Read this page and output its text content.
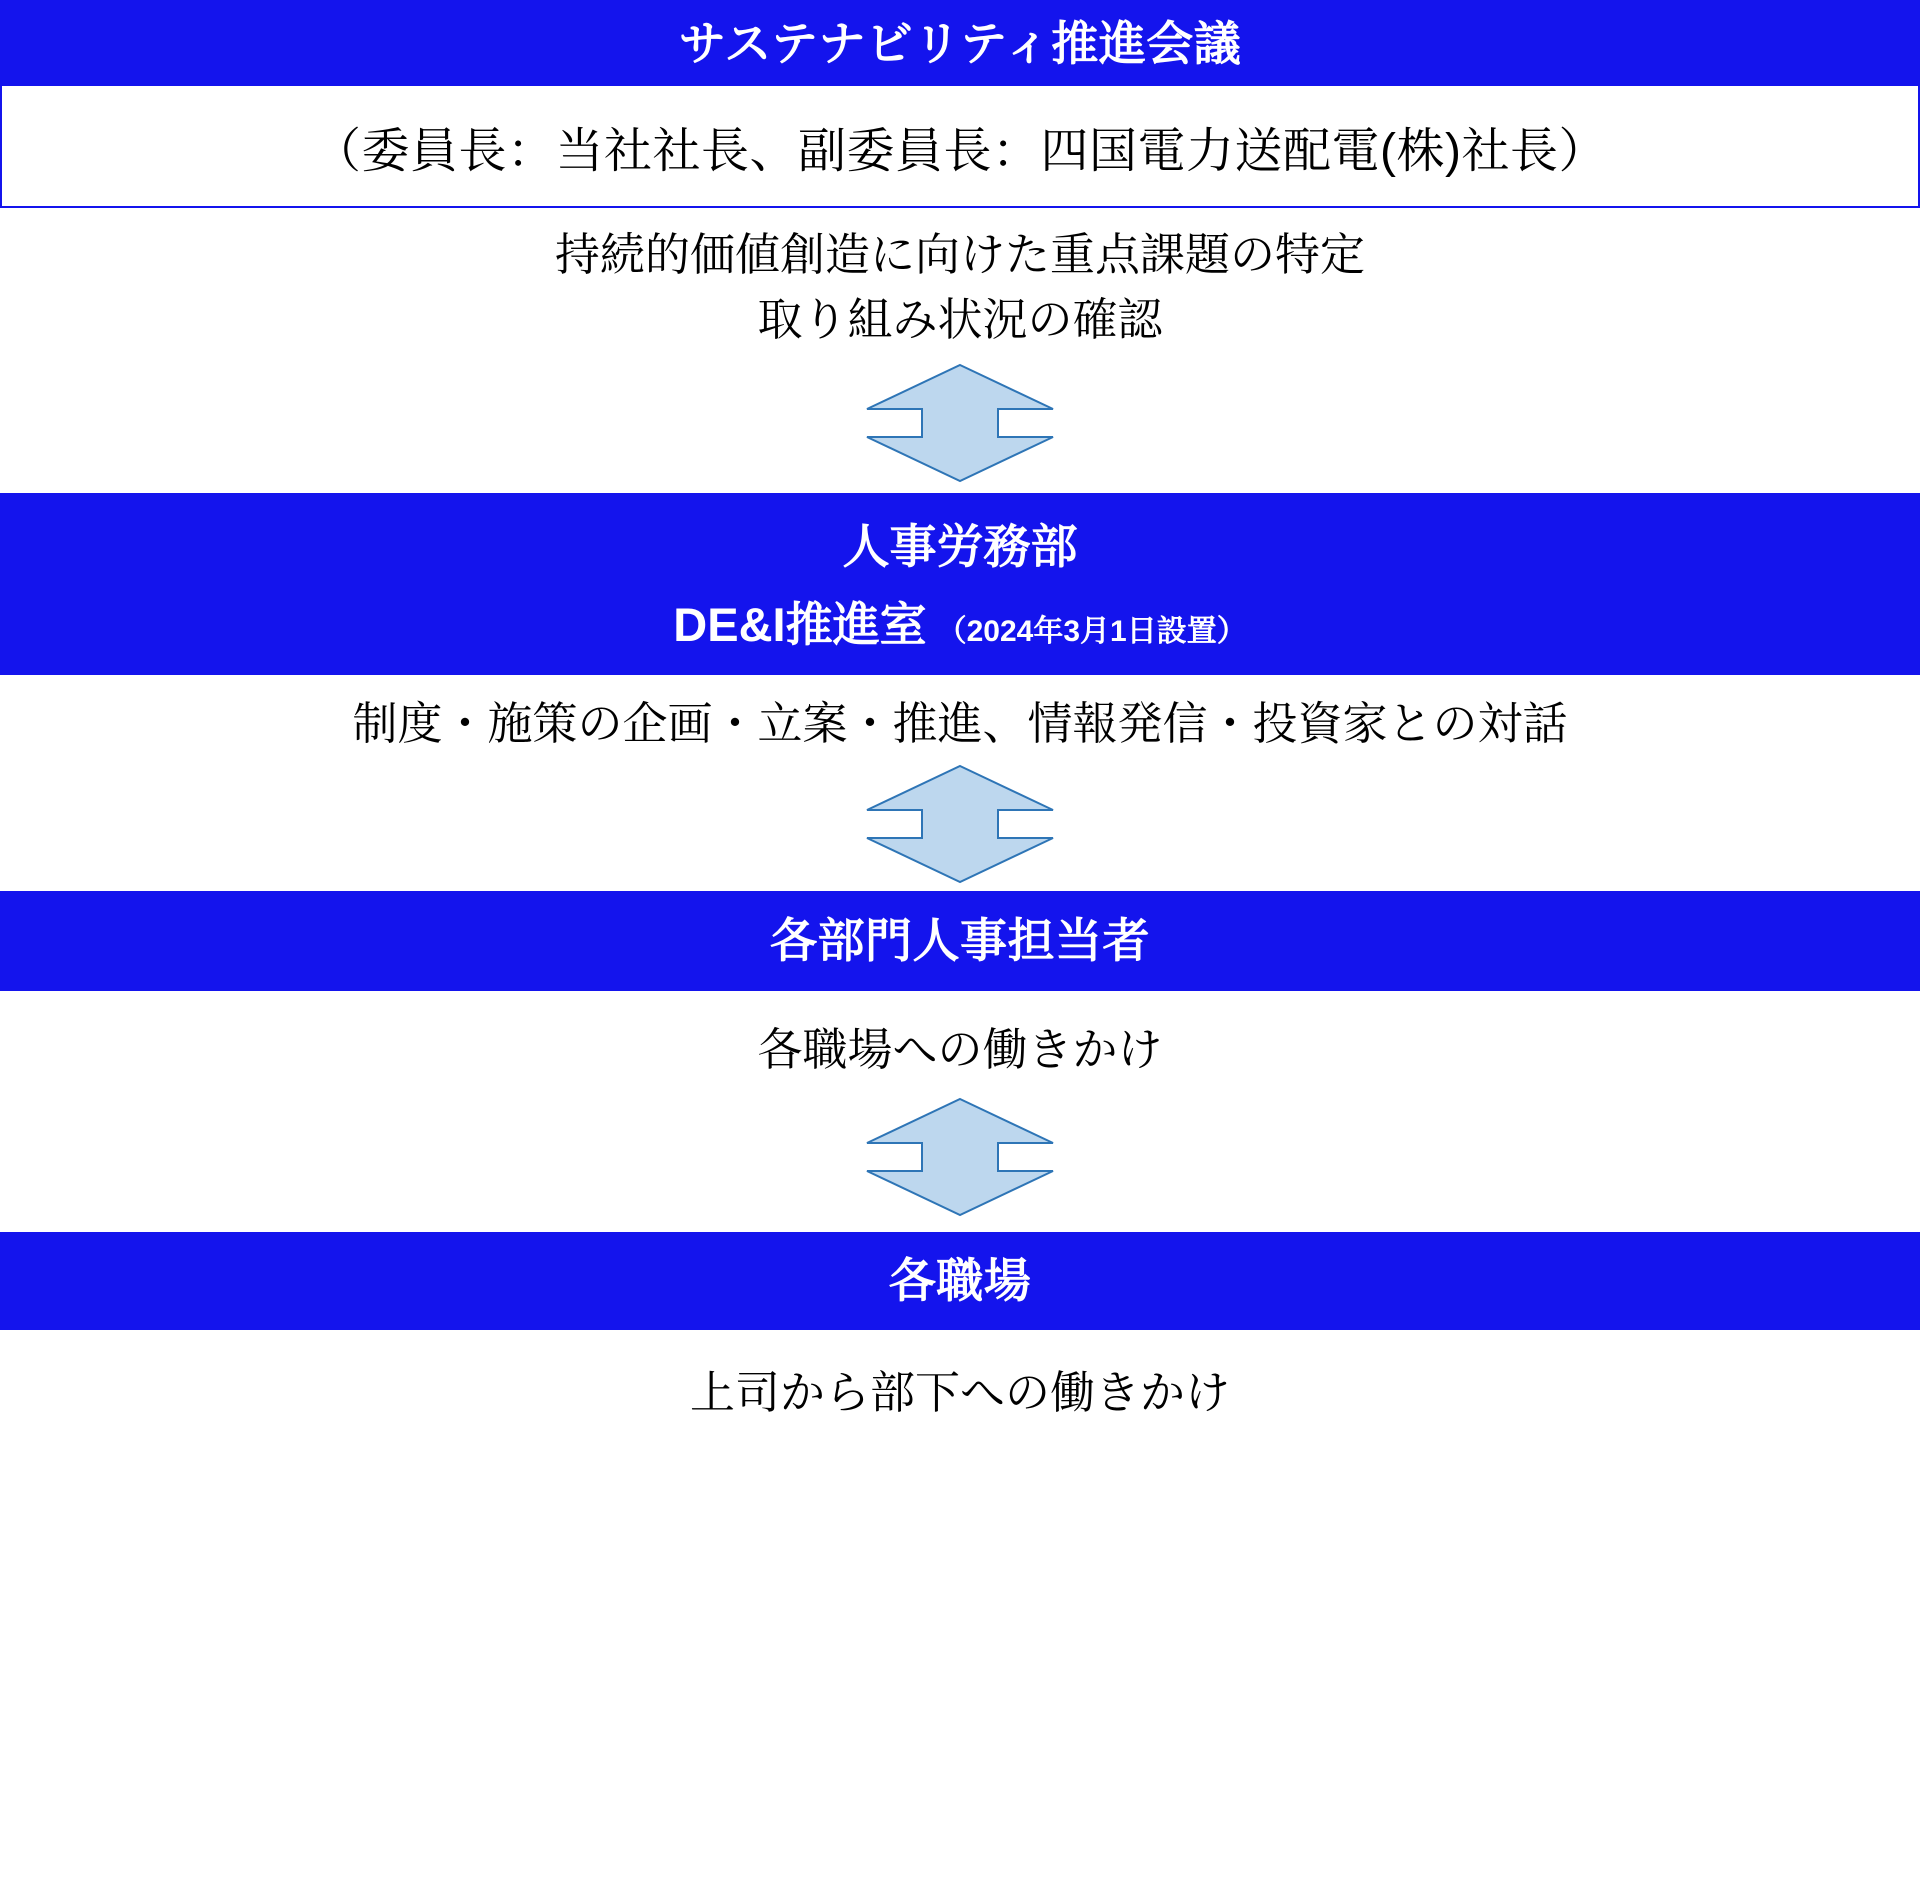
サステナビリティ推進会議
（委員長：当社社長、副委員長：四国電力送配電(株)社長）
持続的価値創造に向けた重点課題の特定
取り組み状況の確認
人事労務部
DE&I推進室 （2024年3月1日設置）
制度・施策の企画・立案・推進、情報発信・投資家との対話
各部門人事担当者
各職場への働きかけ
各職場
上司から部下への働きかけ
